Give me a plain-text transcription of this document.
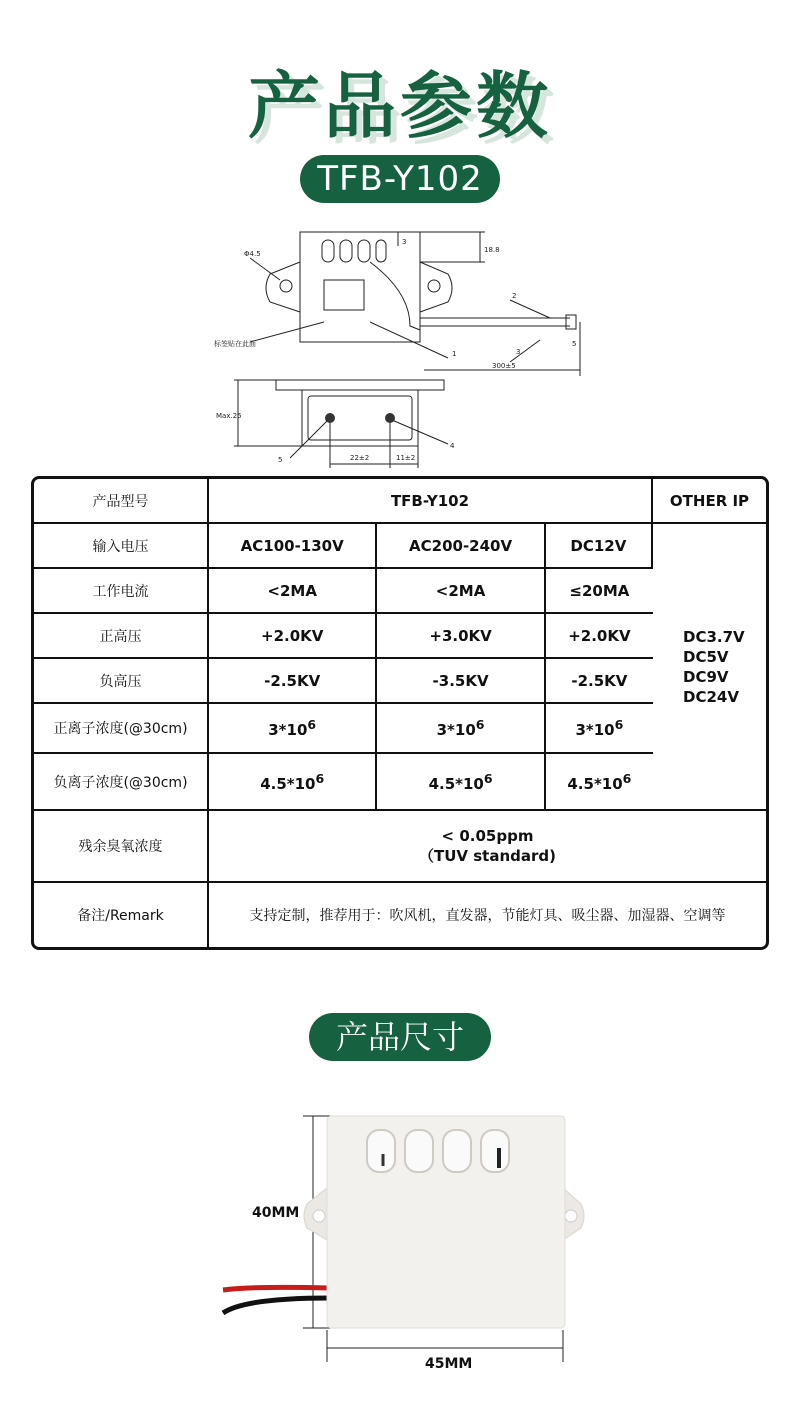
产品参数
TFB-Y102
标签贴在此面
Φ4.5	18.8
3
300±5
5
Max.25
22±2	11±2
1
2
3
4
5
产品型号	TFB-Y102			OTHER IP
输入电压	AC100-130V	AC200-240V	DC12V	DC3.7V
DC5V
DC9V
DC24V

工作电流	<2MA	<2MA	≤20MA	
正高压	+2.0KV	+3.0KV	+2.0KV	
负高压	-2.5KV	-3.5KV	-2.5KV	
正离子浓度(@30cm)	$3*10^6$	$3*10^6$	$3*10^6$
负离子浓度(@30cm)	$4.5*10^6$	$4.5*10^6$	$4.5*10^6$
残余臭氧浓度	< 0.05ppm
（TUV standard)			

备注/Remark	支持定制，推荐用于：吹风机，直发器，节能灯具、吸尘器、加湿器、空调等			
产品尺寸
40MM
45MM
